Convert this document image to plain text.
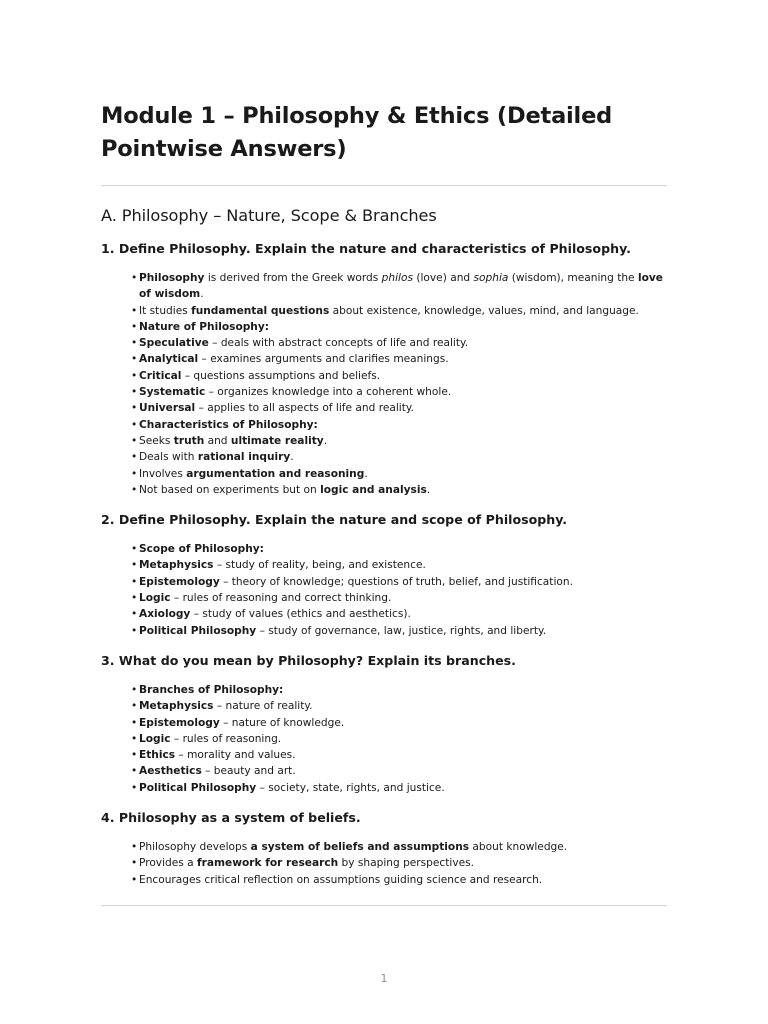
Module 1 – Philosophy & Ethics (Detailed Pointwise Answers)
A. Philosophy – Nature, Scope & Branches
1. Define Philosophy. Explain the nature and characteristics of Philosophy.
• Philosophy is derived from the Greek words philos (love) and sophia (wisdom), meaning the love of wisdom.
• It studies fundamental questions about existence, knowledge, values, mind, and language.
• Nature of Philosophy:
• Speculative – deals with abstract concepts of life and reality.
• Analytical – examines arguments and clarifies meanings.
• Critical – questions assumptions and beliefs.
• Systematic – organizes knowledge into a coherent whole.
• Universal – applies to all aspects of life and reality.
• Characteristics of Philosophy:
• Seeks truth and ultimate reality.
• Deals with rational inquiry.
• Involves argumentation and reasoning.
• Not based on experiments but on logic and analysis.
2. Define Philosophy. Explain the nature and scope of Philosophy.
• Scope of Philosophy:
• Metaphysics – study of reality, being, and existence.
• Epistemology – theory of knowledge; questions of truth, belief, and justification.
• Logic – rules of reasoning and correct thinking.
• Axiology – study of values (ethics and aesthetics).
• Political Philosophy – study of governance, law, justice, rights, and liberty.
3. What do you mean by Philosophy? Explain its branches.
• Branches of Philosophy:
• Metaphysics – nature of reality.
• Epistemology – nature of knowledge.
• Logic – rules of reasoning.
• Ethics – morality and values.
• Aesthetics – beauty and art.
• Political Philosophy – society, state, rights, and justice.
4. Philosophy as a system of beliefs.
• Philosophy develops a system of beliefs and assumptions about knowledge.
• Provides a framework for research by shaping perspectives.
• Encourages critical reflection on assumptions guiding science and research.
1
